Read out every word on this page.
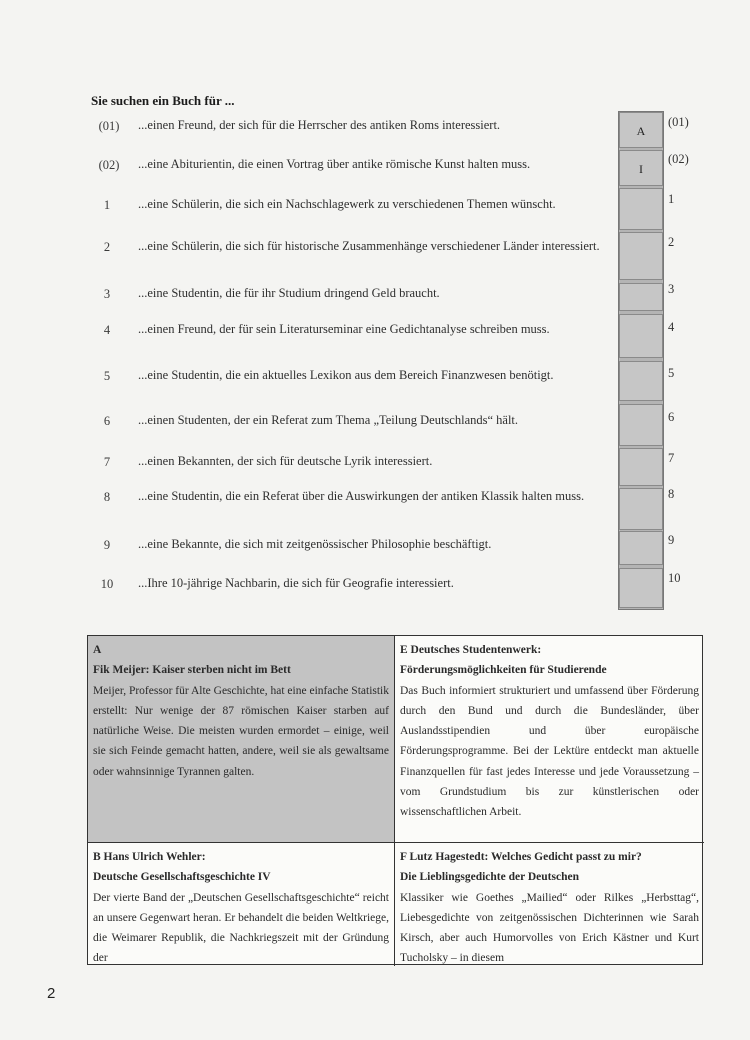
Sie suchen ein Buch für ...
(01)	...einen Freund, der sich für die Herrscher des antiken Roms interessiert.	A
(01)
(02)	...eine Abiturientin, die einen Vortrag über antike römische Kunst halten muss.	I
(02)
1	...eine Schülerin, die sich ein Nachschlagewerk zu verschiedenen Themen wünscht.	1
2	...eine Schülerin, die sich für historische Zusammenhänge verschiedener Länder interessiert.	2
3	...eine Studentin, die für ihr Studium dringend Geld braucht.	3
4	...einen Freund, der für sein Literaturseminar eine Gedichtanalyse schreiben muss.	4
5	...eine Studentin, die ein aktuelles Lexikon aus dem Bereich Finanzwesen benötigt.	5
6	...einen Studenten, der ein Referat zum Thema „Teilung Deutschlands“ hält.	6
7	...einen Bekannten, der sich für deutsche Lyrik interessiert.	7
8	...eine Studentin, die ein Referat über die Auswirkungen der antiken Klassik halten muss.	8
9	...eine Bekannte, die sich mit zeitgenössischer Philosophie beschäftigt.	9
10	...Ihre 10-jährige Nachbarin, die sich für Geografie interessiert.	10
A
Fik Meijer: Kaiser sterben nicht im Bett
Meijer, Professor für Alte Geschichte, hat eine einfache Statistik erstellt: Nur wenige der 87 römischen Kaiser starben auf natürliche Weise. Die meisten wurden ermordet – einige, weil sie sich Feinde gemacht hatten, andere, weil sie als gewaltsame oder wahnsinnige Tyrannen galten.
E Deutsches Studentenwerk:
Förderungsmöglichkeiten für Studierende
Das Buch informiert strukturiert und umfassend über Förderung durch den Bund und durch die Bundesländer, über Auslandsstipendien und über europäische Förderungsprogramme. Bei der Lektüre entdeckt man aktuelle Finanzquellen für fast jedes Interesse und jede Voraussetzung – vom Grundstudium bis zur künstlerischen oder wissenschaftlichen Arbeit.
B Hans Ulrich Wehler:
Deutsche Gesellschaftsgeschichte IV
Der vierte Band der „Deutschen Gesellschaftsgeschichte“ reicht an unsere Gegenwart heran. Er behandelt die beiden Weltkriege, die Weimarer Republik, die Nachkriegszeit mit der Gründung der
F Lutz Hagestedt: Welches Gedicht passt zu mir?
Die Lieblingsgedichte der Deutschen
Klassiker wie Goethes „Mailied“ oder Rilkes „Herbsttag“, Liebesgedichte von zeitgenössischen Dichterinnen wie Sarah Kirsch, aber auch Humorvolles von Erich Kästner und Kurt Tucholsky – in diesem
2
